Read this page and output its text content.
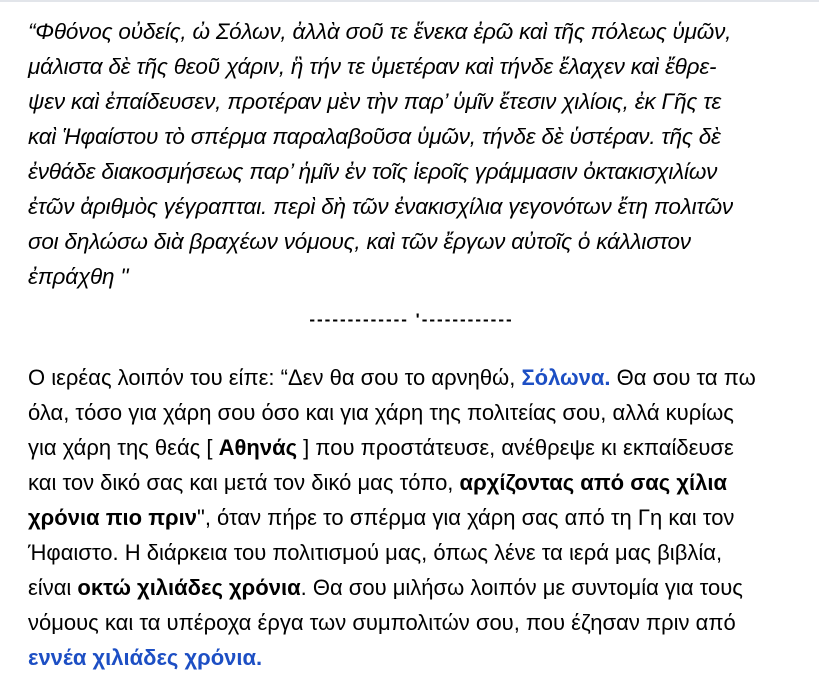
“Φθόνος οὐδείς, ὠ Σόλων, ἀλλὰ σοῦ τε ἕνεκα ἐρῶ καὶ τῆς πόλεως ὑμῶν,
μάλιστα δὲ τῆς θεοῦ χάριν, ἣ τήν τε ὑμετέραν καὶ τήνδε ἔλαχεν καὶ ἔθρε-
ψεν καὶ ἐπαίδευσεν, προτέραν μὲν τὴν παρ’ ὑμῖν ἔτεσιν χιλίοις, ἐκ Γῆς τε
καὶ Ἡφαίστου τὸ σπέρμα παραλαβοῦσα ὑμῶν, τήνδε δὲ ὑστέραν. τῆς δὲ
ἐνθάδε διακοσμήσεως παρ’ ἡμῖν ἐν τοῖς ἱεροῖς γράμμασιν ὀκτακισχιλίων
ἐτῶν ἀριθμὸς γέγραπται. περὶ δὴ τῶν ἐνακισχίλια γεγονότων ἔτη πολιτῶν
σοι δηλώσω διὰ βραχέων νόμους, καὶ τῶν ἔργων αὐτοῖς ὁ κάλλιστον
ἐπράχθη ''
------------- '------------
Ο ιερέας λοιπόν του είπε: “Δεν θα σου το αρνηθώ, Σόλωνα. Θα σου τα πω
όλα, τόσο για χάρη σου όσο και για χάρη της πολιτείας σου, αλλά κυρίως
για χάρη της θεάς [ Αθηνάς ] που προστάτευσε, ανέθρεψε κι εκπαίδευσε
και τον δικό σας και μετά τον δικό μας τόπο, αρχίζοντας από σας χίλια
χρόνια πιο πριν", όταν πήρε το σπέρμα για χάρη σας από τη Γη και τον
Ήφαιστο. Η διάρκεια του πολιτισμού μας, όπως λένε τα ιερά μας βιβλία,
είναι οκτώ χιλιάδες χρόνια. Θα σου μιλήσω λοιπόν με συντομία για τους
νόμους και τα υπέροχα έργα των συμπολιτών σου, που έζησαν πριν από
εννέα χιλιάδες χρόνια.
